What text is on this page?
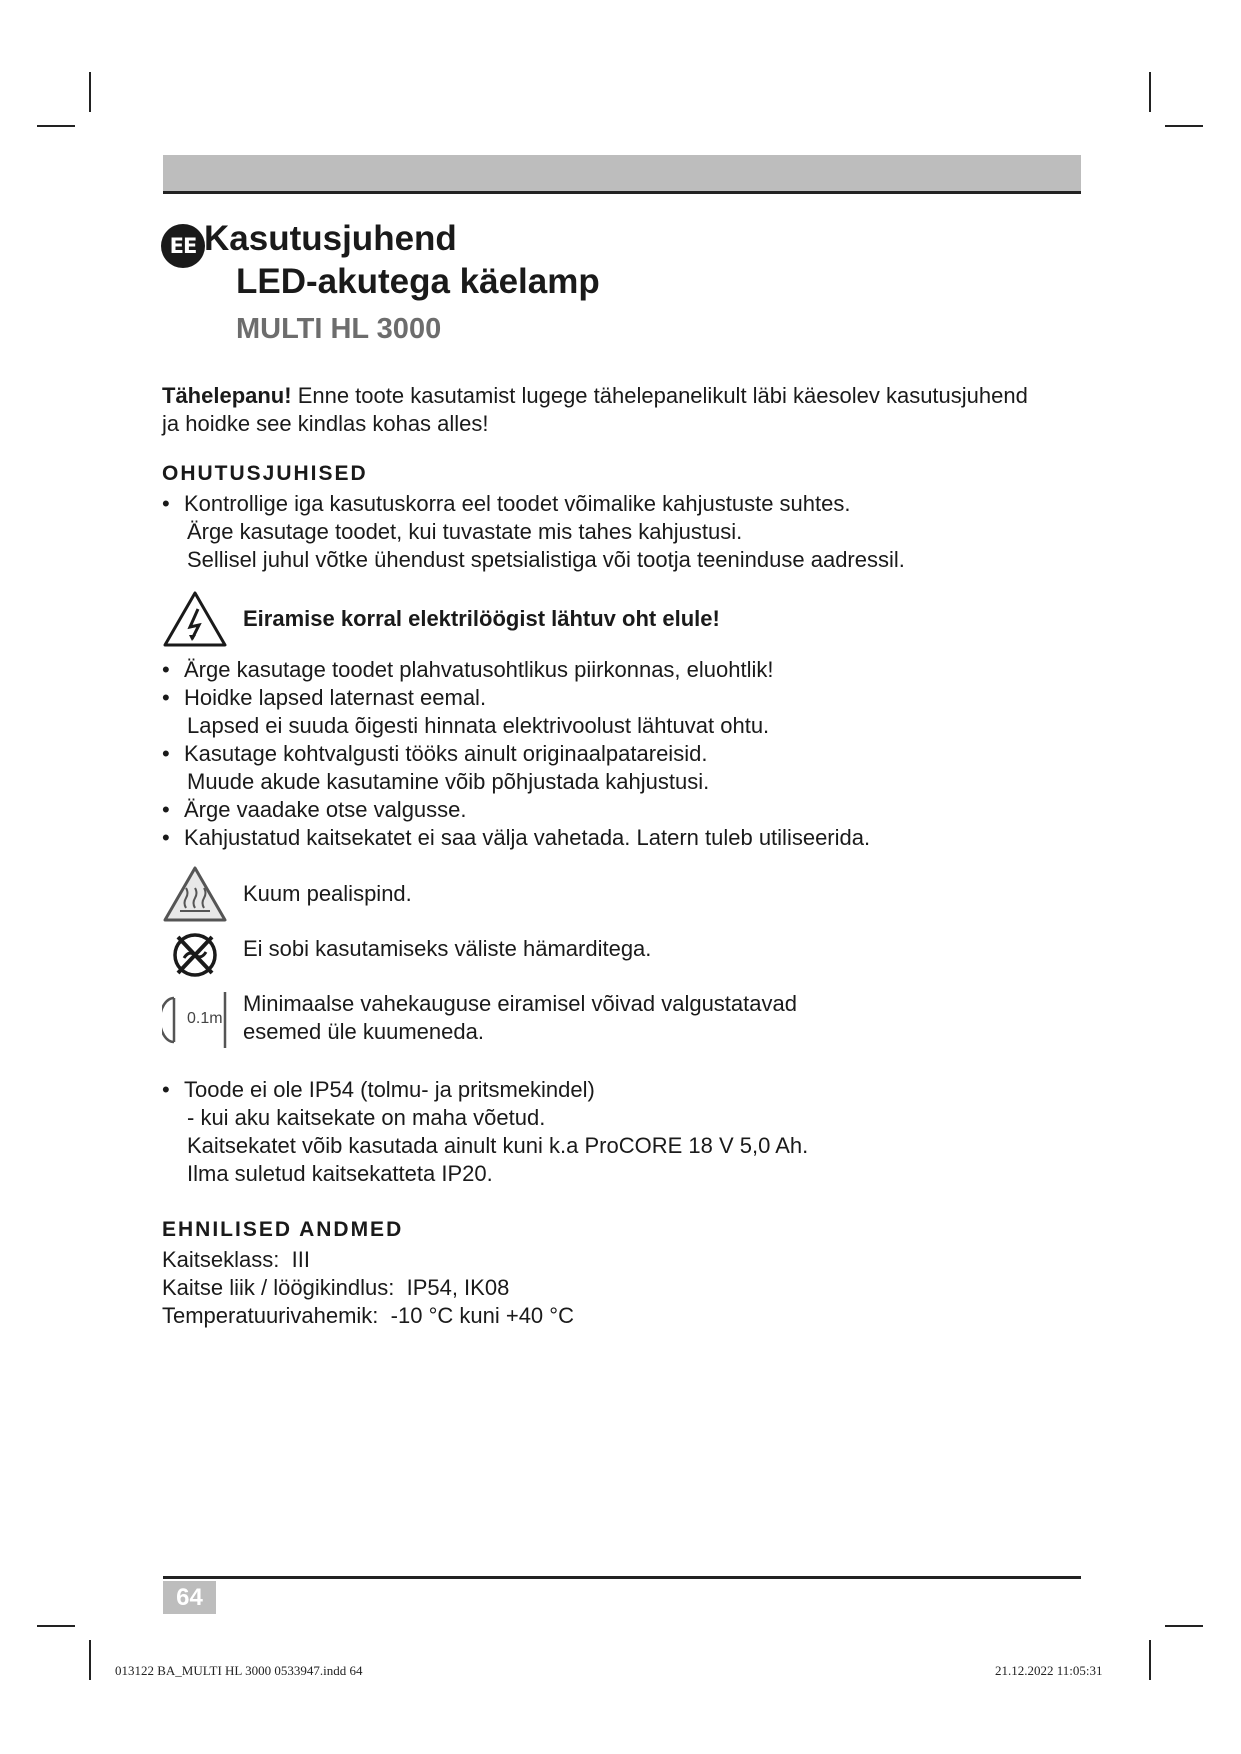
EE Kasutusjuhend
LED-akutega käelamp
MULTI HL 3000
Tähelepanu! Enne toote kasutamist lugege tähelepanelikult läbi käesolev kasutusjuhend
ja hoidke see kindlas kohas alles!
OHUTUSJUHISED
• Kontrollige iga kasutuskorra eel toodet võimalike kahjustuste suhtes.
Ärge kasutage toodet, kui tuvastate mis tahes kahjustusi.
Sellisel juhul võtke ühendust spetsialistiga või tootja teeninduse aadressil.
Eiramise korral elektrilöögist lähtuv oht elule!
• Ärge kasutage toodet plahvatusohtlikus piirkonnas, eluohtlik!
• Hoidke lapsed laternast eemal.
Lapsed ei suuda õigesti hinnata elektrivoolust lähtuvat ohtu.
• Kasutage kohtvalgusti tööks ainult originaalpatareisid.
Muude akude kasutamine võib põhjustada kahjustusi.
• Ärge vaadake otse valgusse.
• Kahjustatud kaitsekatet ei saa välja vahetada. Latern tuleb utiliseerida.
Kuum pealispind.
Ei sobi kasutamiseks väliste hämarditega.
0.1m
Minimaalse vahekauguse eiramisel võivad valgustatavad
esemed üle kuumeneda.
• Toode ei ole IP54 (tolmu- ja pritsmekindel)
- kui aku kaitsekate on maha võetud.
Kaitsekatet võib kasutada ainult kuni k.a ProCORE 18 V 5,0 Ah.
Ilma suletud kaitsekatteta IP20.
EHNILISED ANDMED
Kaitseklass: III
Kaitse liik / löögikindlus: IP54, IK08
Temperatuurivahemik: -10 °C kuni +40 °C
64
013122 BA_MULTI HL 3000 0533947.indd 64	21.12.2022 11:05:31
